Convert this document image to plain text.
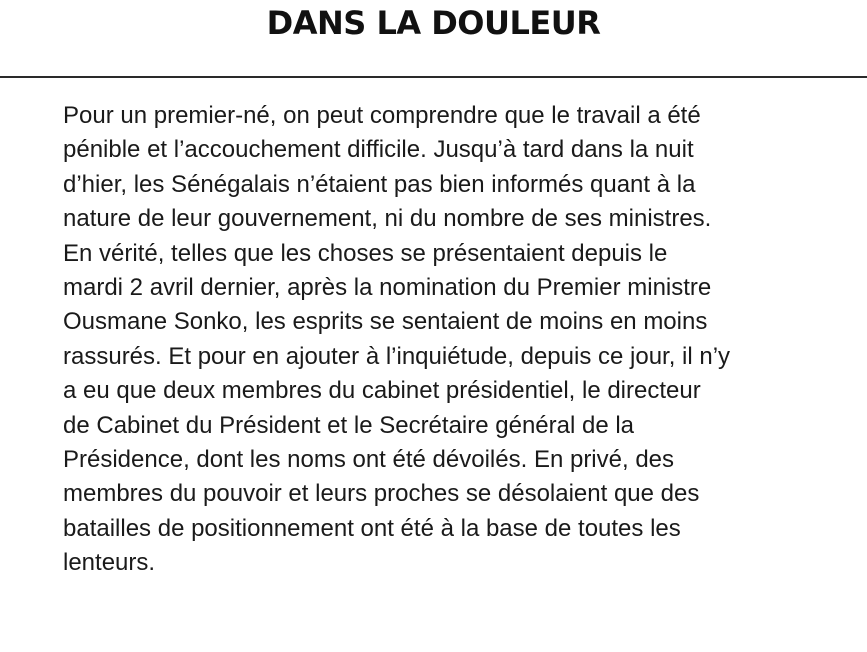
DANS LA DOULEUR

Pour un premier-né, on peut comprendre que le travail a été
pénible et l’accouchement difficile. Jusqu’à tard dans la nuit
d’hier, les Sénégalais n’étaient pas bien informés quant à la
nature de leur gouvernement, ni du nombre de ses ministres.
En vérité, telles que les choses se présentaient depuis le
mardi 2 avril dernier, après la nomination du Premier ministre
Ousmane Sonko, les esprits se sentaient de moins en moins
rassurés. Et pour en ajouter à l’inquiétude, depuis ce jour, il n’y
a eu que deux membres du cabinet présidentiel, le directeur
de Cabinet du Président et le Secrétaire général de la
Présidence, dont les noms ont été dévoilés. En privé, des
membres du pouvoir et leurs proches se désolaient que des
batailles de positionnement ont été à la base de toutes les
lenteurs.
